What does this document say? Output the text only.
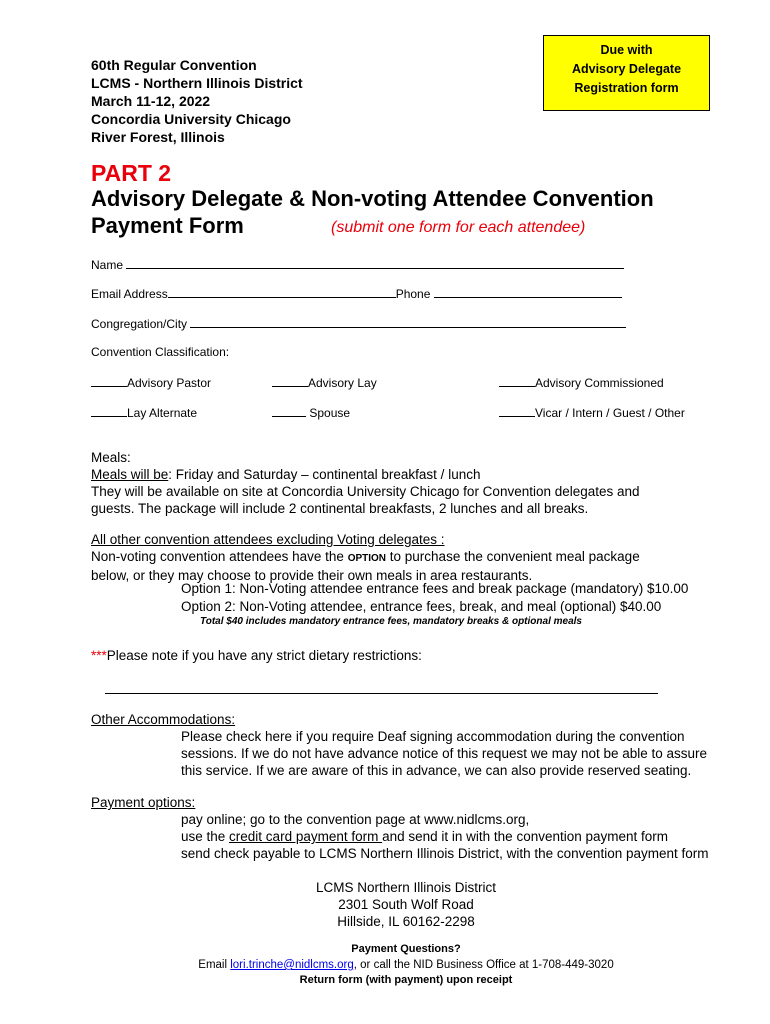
60th Regular Convention
LCMS - Northern Illinois District
March 11-12, 2022
Concordia University Chicago
River Forest, Illinois
Due with
Advisory Delegate
Registration form
PART 2
Advisory Delegate & Non-voting Attendee Convention
Payment Form	(submit one form for each attendee)
Name
Email Address	Phone
Congregation/City
Convention Classification:
Advisory Pastor	Advisory Lay	Advisory Commissioned
Lay Alternate	Spouse	Vicar / Intern / Guest / Other
Meals:
Meals will be: Friday and Saturday – continental breakfast / lunch
They will be available on site at Concordia University Chicago for Convention delegates and
guests. The package will include 2 continental breakfasts, 2 lunches and all breaks.
All other convention attendees excluding Voting delegates :
Non-voting convention attendees have the OPTION to purchase the convenient meal package
below, or they may choose to provide their own meals in area restaurants.
Option 1: Non-Voting attendee entrance fees and break package (mandatory) $10.00
Option 2: Non-Voting attendee, entrance fees, break, and meal (optional) $40.00
Total $40 includes mandatory entrance fees, mandatory breaks & optional meals
***Please note if you have any strict dietary restrictions:
Other Accommodations:
Please check here if you require Deaf signing accommodation during the convention
sessions. If we do not have advance notice of this request we may not be able to assure
this service. If we are aware of this in advance, we can also provide reserved seating.
Payment options:
pay online; go to the convention page at www.nidlcms.org,
use the credit card payment form and send it in with the convention payment form
send check payable to LCMS Northern Illinois District, with the convention payment form
LCMS Northern Illinois District
2301 South Wolf Road
Hillside, IL 60162-2298
Payment Questions?
Email lori.trinche@nidlcms.org, or call the NID Business Office at 1-708-449-3020
Return form (with payment) upon receipt
